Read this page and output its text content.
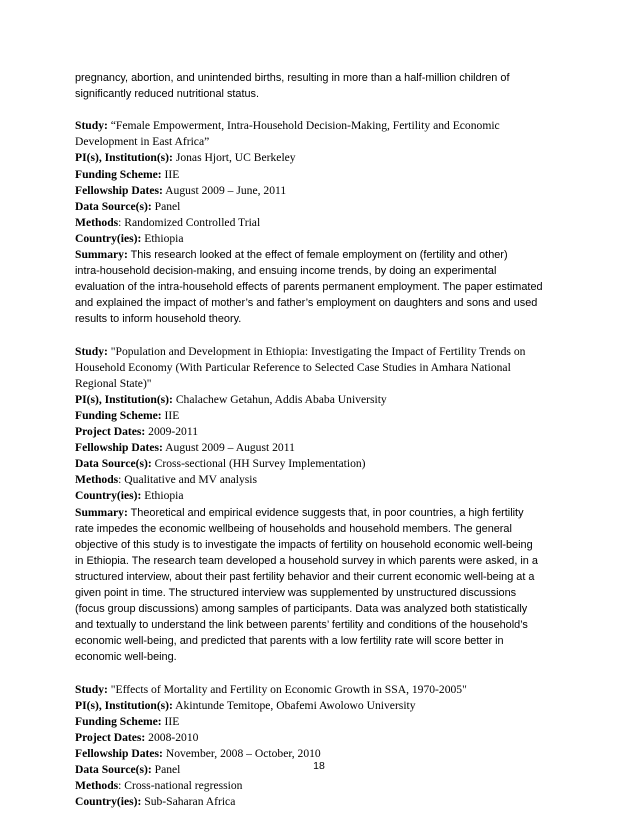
pregnancy, abortion, and unintended births, resulting in more than a half-million children of
significantly reduced nutritional status.
Study: “Female Empowerment, Intra-Household Decision-Making, Fertility and Economic
Development in East Africa”
PI(s), Institution(s): Jonas Hjort, UC Berkeley
Funding Scheme: IIE
Fellowship Dates: August 2009 – June, 2011
Data Source(s): Panel
Methods: Randomized Controlled Trial
Country(ies): Ethiopia
Summary: This research looked at the effect of female employment on (fertility and other)
intra-household decision-making, and ensuing income trends, by doing an experimental
evaluation of the intra-household effects of parents permanent employment. The paper estimated
and explained the impact of mother’s and father’s employment on daughters and sons and used
results to inform household theory.
Study: "Population and Development in Ethiopia: Investigating the Impact of Fertility Trends on
Household Economy (With Particular Reference to Selected Case Studies in Amhara National
Regional State)"
PI(s), Institution(s): Chalachew Getahun, Addis Ababa University
Funding Scheme: IIE
Project Dates: 2009-2011
Fellowship Dates: August 2009 – August 2011
Data Source(s): Cross-sectional (HH Survey Implementation)
Methods: Qualitative and MV analysis
Country(ies): Ethiopia
Summary: Theoretical and empirical evidence suggests that, in poor countries, a high fertility
rate impedes the economic wellbeing of households and household members. The general
objective of this study is to investigate the impacts of fertility on household economic well-being
in Ethiopia. The research team developed a household survey in which parents were asked, in a
structured interview, about their past fertility behavior and their current economic well-being at a
given point in time. The structured interview was supplemented by unstructured discussions
(focus group discussions) among samples of participants. Data was analyzed both statistically
and textually to understand the link between parents’ fertility and conditions of the household’s
economic well-being, and predicted that parents with a low fertility rate will score better in
economic well-being.
Study: "Effects of Mortality and Fertility on Economic Growth in SSA, 1970-2005"
PI(s), Institution(s): Akintunde Temitope, Obafemi Awolowo University
Funding Scheme: IIE
Project Dates: 2008-2010
Fellowship Dates: November, 2008 – October, 2010
Data Source(s): Panel
Methods: Cross-national regression
Country(ies): Sub-Saharan Africa
18
